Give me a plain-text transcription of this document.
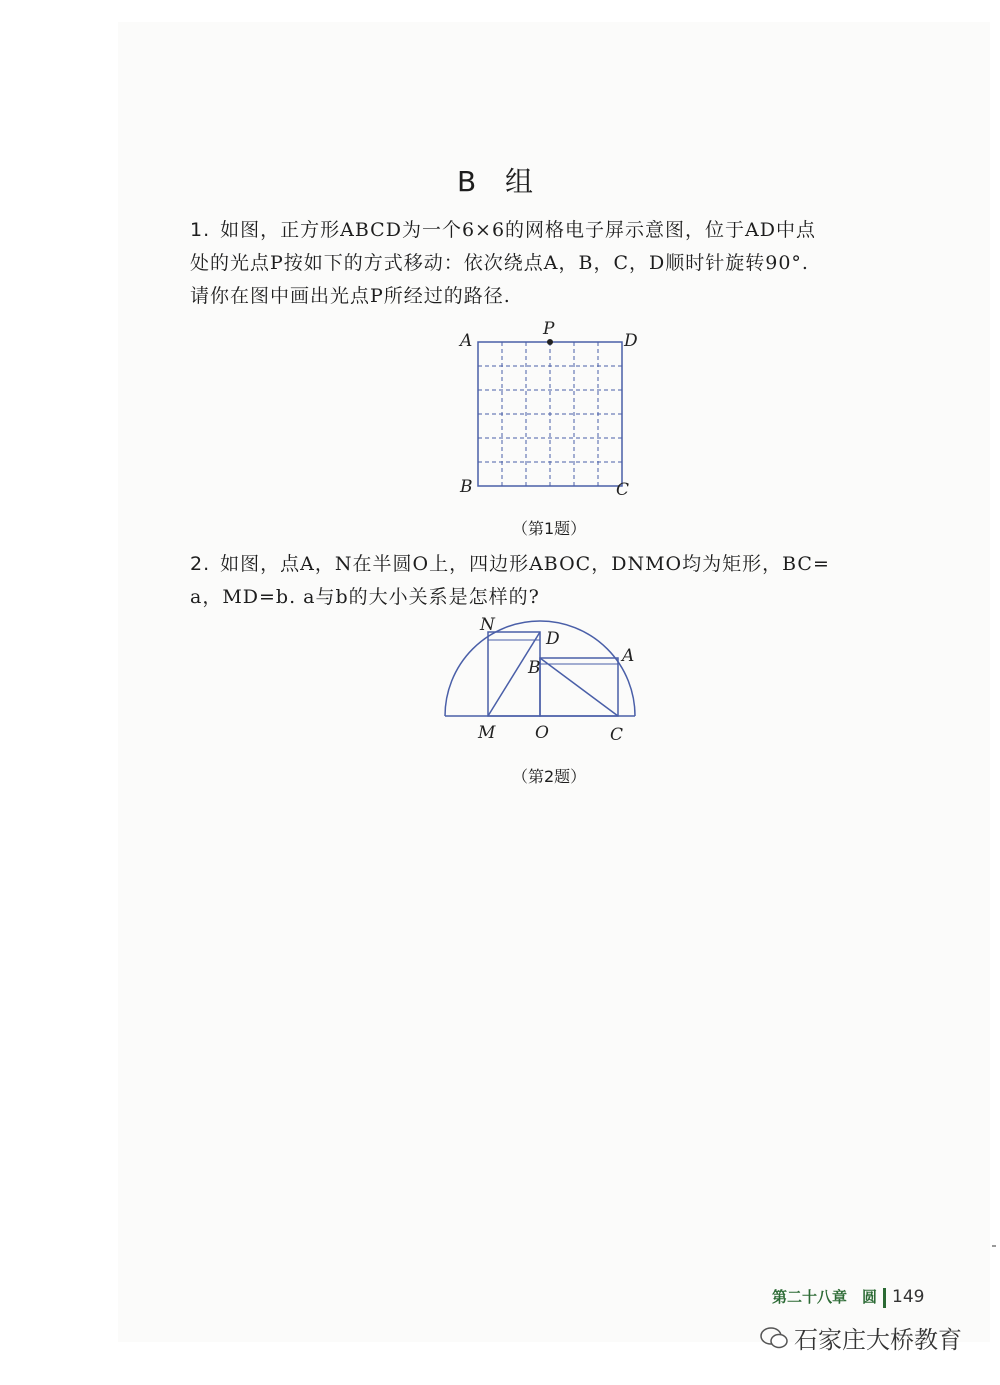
B 组
1. 如图，正方形ABCD为一个6×6的网格电子屏示意图，位于AD中点
处的光点P按如下的方式移动：依次绕点A，B，C，D顺时针旋转90°.
请你在图中画出光点P所经过的路径.
A
P
D
B	C
（第1题）
2. 如图，点A，N在半圆O上，四边形ABOC，DNMO均为矩形，BC=
a，MD=b. a与b的大小关系是怎样的?
N
D
B
A
M O	C
（第2题）
第二十八章　圆 149
石家庄大桥教育
